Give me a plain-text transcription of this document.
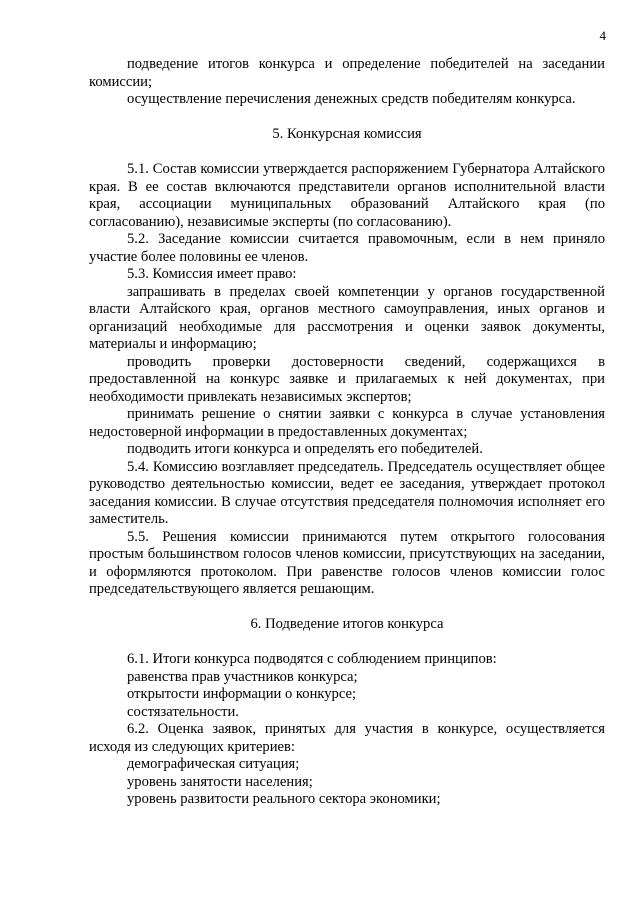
4

подведение итогов конкурса и определение победителей на заседании комиссии;

осуществление перечисления денежных средств победителям конкурса.

5. Конкурсная комиссия

5.1. Состав комиссии утверждается распоряжением Губернатора Алтайского края. В ее состав включаются представители органов исполнительной власти края, ассоциации муниципальных образований Алтайского края (по согласованию), независимые эксперты (по согласованию).

5.2. Заседание комиссии считается правомочным, если в нем приняло участие более половины ее членов.

5.3. Комиссия имеет право:

запрашивать в пределах своей компетенции у органов государственной власти Алтайского края, органов местного самоуправления, иных органов и организаций необходимые для рассмотрения и оценки заявок документы, материалы и информацию;

проводить проверки достоверности сведений, содержащихся в предоставленной на конкурс заявке и прилагаемых к ней документах, при необходимости привлекать независимых экспертов;

принимать решение о снятии заявки с конкурса в случае установления недостоверной информации в предоставленных документах;

подводить итоги конкурса и определять его победителей.

5.4. Комиссию возглавляет председатель. Председатель осуществляет общее руководство деятельностью комиссии, ведет ее заседания, утверждает протокол заседания комиссии. В случае отсутствия председателя полномочия исполняет его заместитель.

5.5. Решения комиссии принимаются путем открытого голосования простым большинством голосов членов комиссии, присутствующих на заседании, и оформляются протоколом. При равенстве голосов членов комиссии голос председательствующего является решающим.

6. Подведение итогов конкурса

6.1. Итоги конкурса подводятся с соблюдением принципов:

равенства прав участников конкурса;

открытости информации о конкурсе;

состязательности.

6.2. Оценка заявок, принятых для участия в конкурсе, осуществляется исходя из следующих критериев:

демографическая ситуация;

уровень занятости населения;

уровень развитости реального сектора экономики;
